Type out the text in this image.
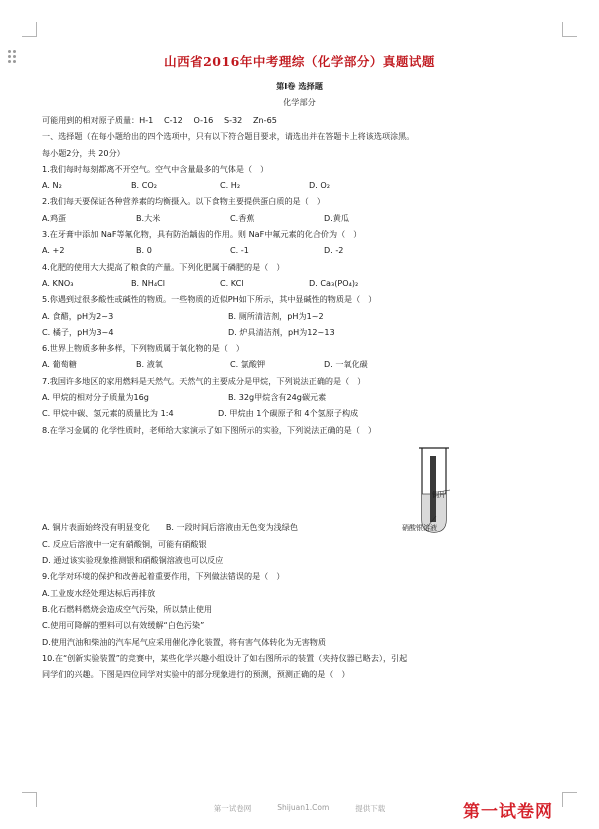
山西省2016年中考理综（化学部分）真题试题
第Ⅰ卷 选择题
化学部分
可能用到的相对原子质量：H-1　 C-12　 O-16　 S-32　 Zn-65
一、选择题（在每小题给出的四个选项中，只有以下符合题目要求，请选出并在答题卡上将该选项涂黑。
每小题2分，共 20分）
1.我们每时每刻都离不开空气。空气中含量最多的气体是（　）
A. N₂	B. CO₂	C. H₂	D. O₂
2.我们每天要保证各种营养素的均衡摄入。以下食物主要提供蛋白质的是（　）
A.鸡蛋	B.大米	C.香蕉	D.黄瓜
3.在牙膏中添加 NaF等氟化物，具有防治龋齿的作用。则 NaF中氟元素的化合价为（　）
A. +2	B. 0	C. -1	D. -2
4.化肥的使用大大提高了粮食的产量。下列化肥属于磷肥的是（　）
A. KNO₃	B. NH₄Cl	C. KCl	D. Ca₃(PO₄)₂
5.你遇到过很多酸性或碱性的物质。一些物质的近似PH如下所示，其中显碱性的物质是（　）
A. 食醋，pH为2~3	B. 厕所清洁剂，pH为1~2
C. 橘子，pH为3~4	D. 炉具清洁剂，pH为12~13
6.世界上物质多种多样，下列物质属于氧化物的是（　）
A. 葡萄糖	B. 液氧	C. 氯酸钾	D. 一氧化碳
7.我国许多地区的家用燃料是天然气。天然气的主要成分是甲烷，下列说法正确的是（　）
A. 甲烷的相对分子质量为16g	B. 32g甲烷含有24g碳元素
C. 甲烷中碳、氢元素的质量比为 1:4	D. 甲烷由 1个碳原子和 4个氢原子构成
8.在学习金属的 化学性质时，老师给大家演示了如下图所示的实验，下列说法正确的是（　）
A. 铜片表面始终没有明显变化　　B. 一段时间后溶液由无色变为浅绿色
C. 反应后溶液中一定有硝酸铜，可能有硝酸银
D. 通过该实验现象推测银和硝酸铜溶液也可以反应
9.化学对环境的保护和改善起着重要作用，下列做法错误的是（　）
A.工业废水经处理达标后再排放
B.化石燃料燃烧会造成空气污染，所以禁止使用
C.使用可降解的塑料可以有效缓解“白色污染”
D.使用汽油和柴油的汽车尾气应采用催化净化装置，将有害气体转化为无害物质
10.在“创新实验装置”的竞赛中，某些化学兴趣小组设计了如右图所示的装置（夹持仪器已略去），引起
同学们的兴趣。下图是四位同学对实验中的部分现象进行的预测，预测正确的是（　）
铜片
硝酸银溶液
第一试卷网	Shijuan1.Com	提供下载	第一试卷网
